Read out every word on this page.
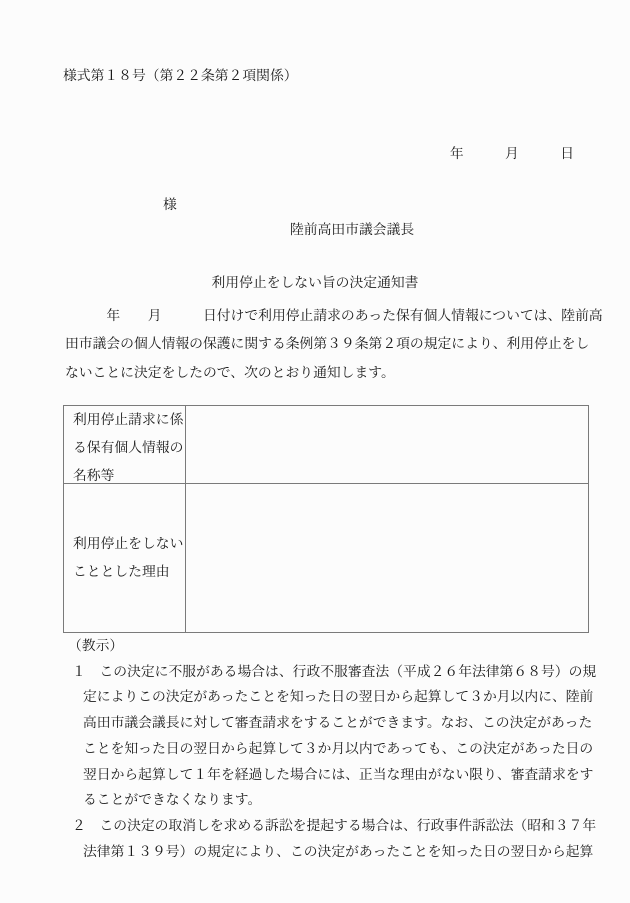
様式第１８号（第２２条第２項関係）
年　　　月　　　日
様
陸前高田市議会議長
利用停止をしない旨の決定通知書
　　　年　　月　　　日付けで利用停止請求のあった保有個人情報については、陸前高
田市議会の個人情報の保護に関する条例第３９条第２項の規定により、利用停止をし
ないことに決定をしたので、次のとおり通知します。
利用停止請求に係
る保有個人情報の
名称等
利用停止をしない
こととした理由
（教示）
１ この決定に不服がある場合は、行政不服審査法（平成２６年法律第６８号）の規
定によりこの決定があったことを知った日の翌日から起算して３か月以内に、陸前
高田市議会議長に対して審査請求をすることができます。なお、この決定があった
ことを知った日の翌日から起算して３か月以内であっても、この決定があった日の
翌日から起算して１年を経過した場合には、正当な理由がない限り、審査請求をす
ることができなくなります。
２ この決定の取消しを求める訴訟を提起する場合は、行政事件訴訟法（昭和３７年
法律第１３９号）の規定により、この決定があったことを知った日の翌日から起算
